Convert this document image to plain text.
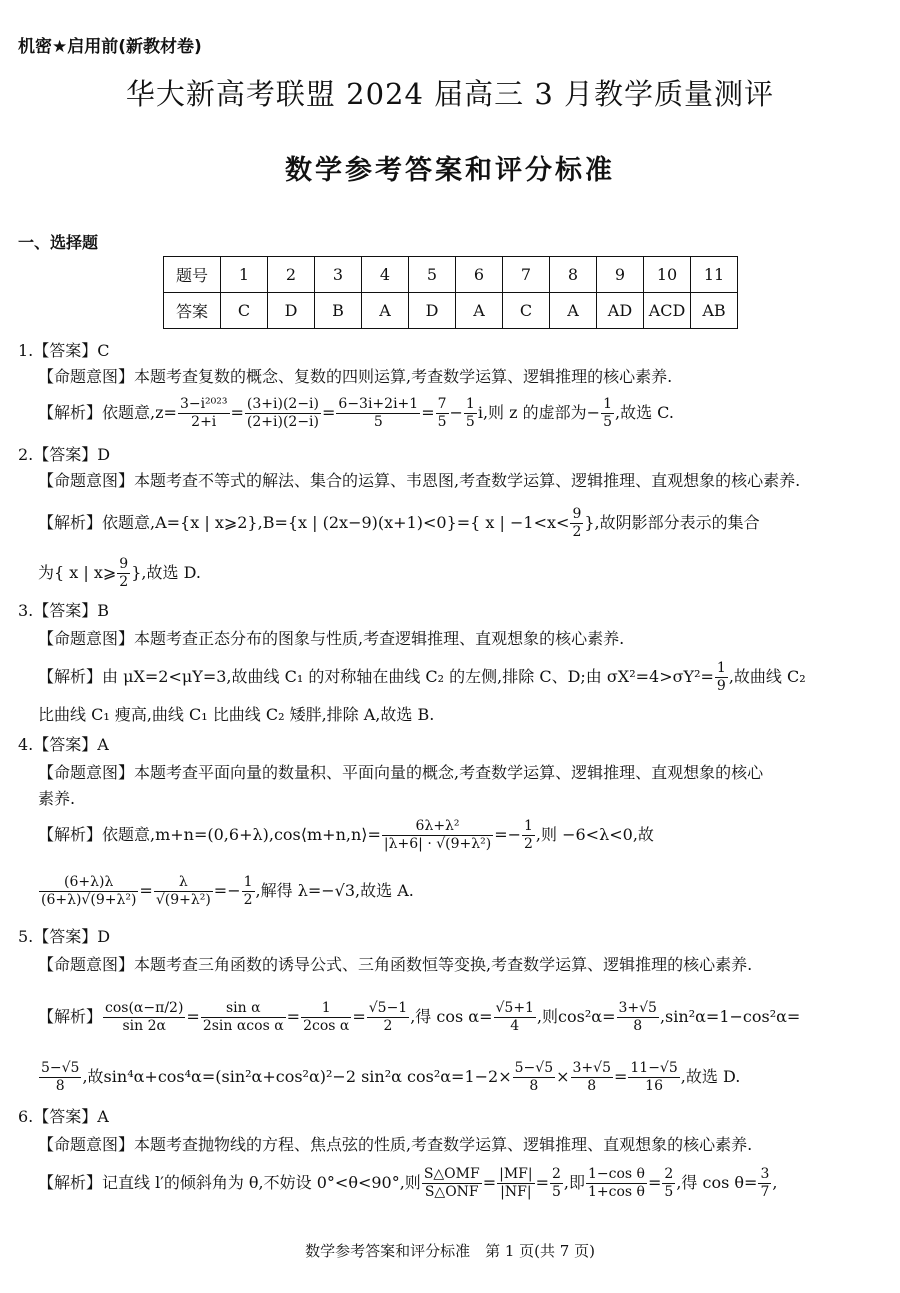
机密★启用前(新教材卷)
华大新高考联盟 2024 届高三 3 月教学质量测评
数学参考答案和评分标准
一、选择题
题号	1	2	3	4	5	6	7	8	9	10	11
答案	C	D	B	A	D	A	C	A	AD	ACD	AB
1.【答案】C
【命题意图】本题考查复数的概念、复数的四则运算,考查数学运算、逻辑推理的核心素养.
【解析】依题意$,z= \frac{\text{3−i²⁰²³}}{2+i} = \frac{(3+i)(2-i)}{(2+i)(2-i)} = \frac{6-3i+2i+1}{5} = \frac{7}{5} - \frac{1}{5} i$,则 z 的虚部为− $\frac{1}{5}$ ,故选 C.
2.【答案】D
【命题意图】本题考查不等式的解法、集合的运算、韦恩图,考查数学运算、逻辑推理、直观想象的核心素养.
【解析】依题意,A={x | x⩾2},B={x | (2x−9)(x+1)<0}={ x | $-1<x< \frac{9}{2}$ },故阴影部分表示的集合
为{ x | x⩾ $\frac{9}{2}$ },故选 D.
3.【答案】B
【命题意图】本题考查正态分布的图象与性质,考查逻辑推理、直观想象的核心素养.
【解析】由 μX=2<μY=3,故曲线 C₁ 的对称轴在曲线 C₂ 的左侧,排除 C、D;由 $\sigma X^2=4>\sigma Y^2= \frac{1}{9}$ ,故曲线 C₂
比曲线 C₁ 瘦高,曲线 C₁ 比曲线 C₂ 矮胖,排除 A,故选 B.
4.【答案】A
【命题意图】本题考查平面向量的数量积、平面向量的概念,考查数学运算、逻辑推理、直观想象的核心
素养.
【解析】依题意,m+n=(0,6+λ),cos⟨m+n,n⟩= $\frac{\text{6λ+λ²}}{\text{|λ+6| · √(9+λ²)}} =- \frac{1}{2}$ ,则 −6<λ<0,故
$\frac{(6+\lambda)\lambda}{\text{(6+λ)√(9+λ²)}} = \frac{\lambda}{\text{√(9+λ²)}} =- \frac{1}{2}$ ,解得 λ=−√3,故选 A.
5.【答案】D
【命题意图】本题考查三角函数的诱导公式、三角函数恒等变换,考查数学运算、逻辑推理的核心素养.
【解析】 $\frac{\cos(\alpha-\pi/2)}{\sin 2\alpha} = \frac{\text{sin α}}{\text{2sin αcos α}} = \frac{1}{\text{2cos α}} = \frac{√5-1}{2}$ ,得 $\cos \alpha= \frac{√5+1}{4}$ ,则$\cos^2\alpha= \frac{3+√5}{8} ,\sin^2\alpha=1-\cos^2\alpha=$
$\frac{5-√5}{8}$ ,故sin⁴α+cos⁴α=(sin²α+cos²α)²−2 sin²α $\cos^2\alpha=1-2\times \frac{5-√5}{8} \times \frac{3+√5}{8} = \frac{11-√5}{16}$ ,故选 D.
6.【答案】A
【命题意图】本题考查抛物线的方程、焦点弦的性质,考查数学运算、逻辑推理、直观想象的核心素养.
【解析】记直线 l′的倾斜角为 θ,不妨设 0°<θ<90°,则 $\frac{\text{S△OMF}}{\text{S△ONF}} = \frac{|MF|}{|NF|} = \frac{2}{5}$ ,即 $\frac{\text{1−cos θ}}{\text{1+cos θ}} = \frac{2}{5}$ ,得 $\cos \theta= \frac{3}{7}$ ,
数学参考答案和评分标准　第 1 页(共 7 页)
